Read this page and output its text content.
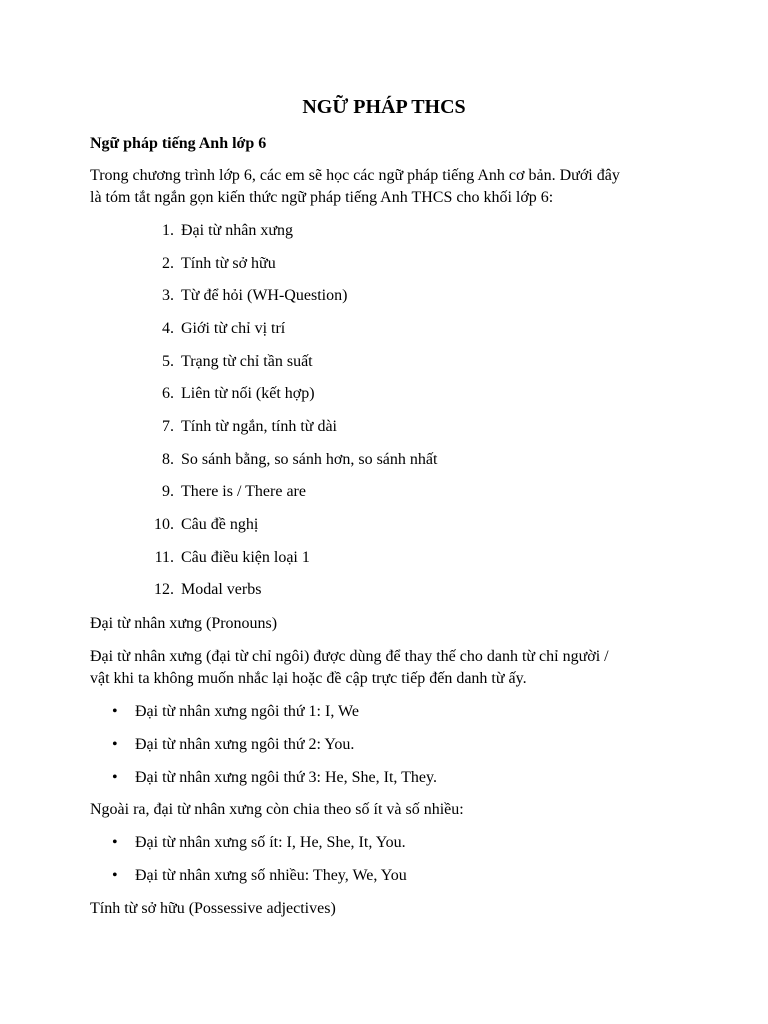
NGỮ PHÁP THCS
Ngữ pháp tiếng Anh lớp 6
Trong chương trình lớp 6, các em sẽ học các ngữ pháp tiếng Anh cơ bản. Dưới đây
là tóm tắt ngắn gọn kiến thức ngữ pháp tiếng Anh THCS cho khối lớp 6:
1. Đại từ nhân xưng
2. Tính từ sở hữu
3. Từ để hỏi (WH-Question)
4. Giới từ chỉ vị trí
5. Trạng từ chỉ tần suất
6. Liên từ nối (kết hợp)
7. Tính từ ngắn, tính từ dài
8. So sánh bằng, so sánh hơn, so sánh nhất
9. There is / There are
10. Câu đề nghị
11. Câu điều kiện loại 1
12. Modal verbs
Đại từ nhân xưng (Pronouns)
Đại từ nhân xưng (đại từ chỉ ngôi) được dùng để thay thế cho danh từ chỉ người /
vật khi ta không muốn nhắc lại hoặc đề cập trực tiếp đến danh từ ấy.
• Đại từ nhân xưng ngôi thứ 1: I, We
• Đại từ nhân xưng ngôi thứ 2: You.
• Đại từ nhân xưng ngôi thứ 3: He, She, It, They.
Ngoài ra, đại từ nhân xưng còn chia theo số ít và số nhiều:
• Đại từ nhân xưng số ít: I, He, She, It, You.
• Đại từ nhân xưng số nhiều: They, We, You
Tính từ sở hữu (Possessive adjectives)
